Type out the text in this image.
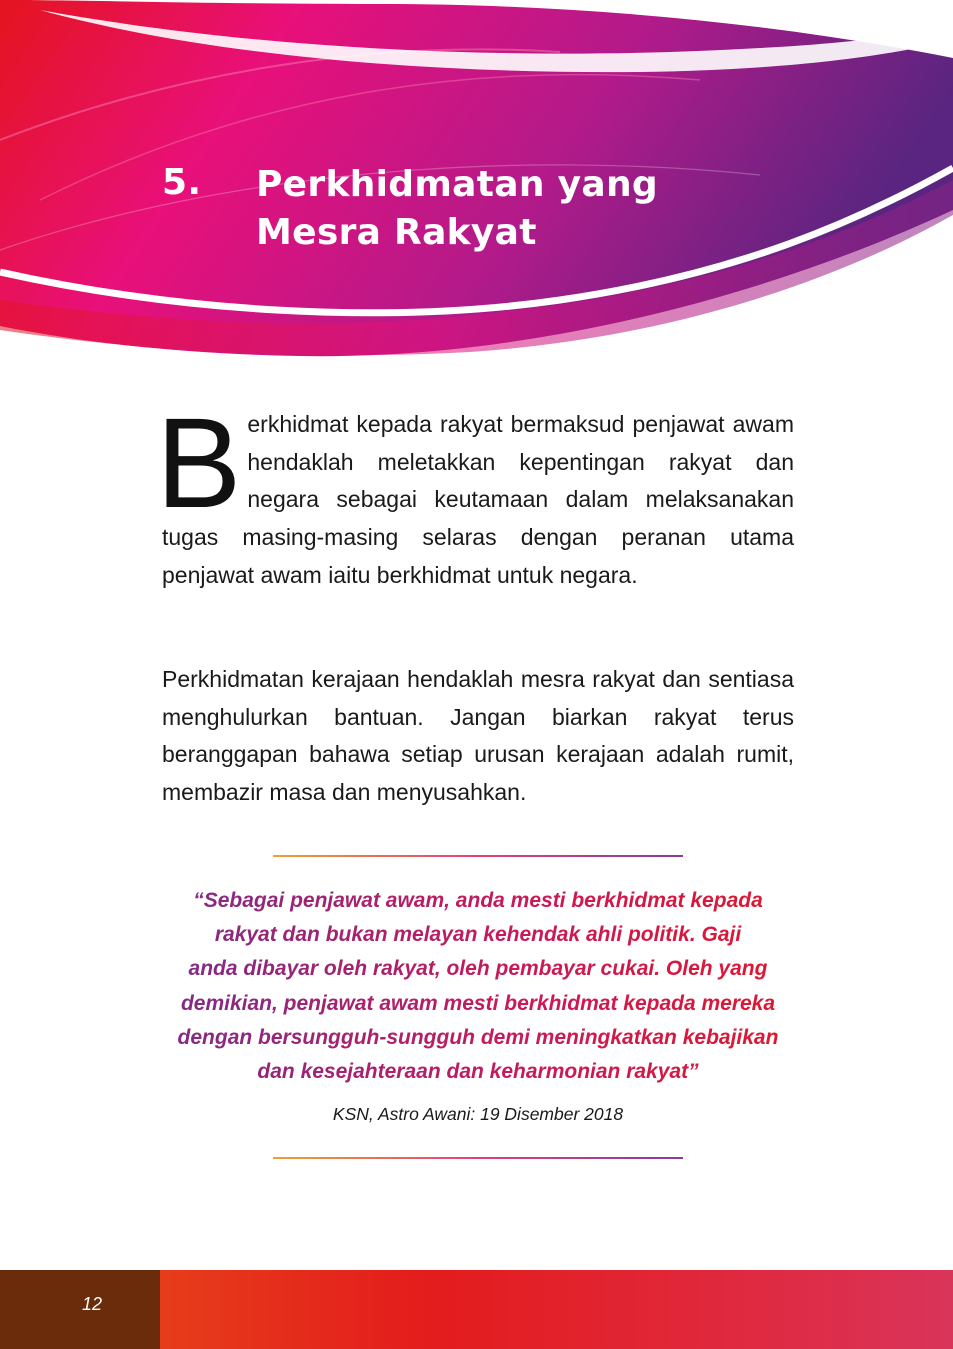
5. Perkhidmatan yang
Mesra Rakyat

Berkhidmat kepada rakyat bermaksud penjawat awam hendaklah meletakkan kepentingan rakyat dan negara sebagai keutamaan dalam melaksanakan tugas masing-masing selaras dengan peranan utama penjawat awam iaitu berkhidmat untuk negara.

Perkhidmatan kerajaan hendaklah mesra rakyat dan sentiasa menghulurkan bantuan. Jangan biarkan rakyat terus beranggapan bahawa setiap urusan kerajaan adalah rumit, membazir masa dan menyusahkan.

“Sebagai penjawat awam, anda mesti berkhidmat kepada
rakyat dan bukan melayan kehendak ahli politik. Gaji
anda dibayar oleh rakyat, oleh pembayar cukai. Oleh yang
demikian, penjawat awam mesti berkhidmat kepada mereka
dengan bersungguh-sungguh demi meningkatkan kebajikan
dan kesejahteraan dan keharmonian rakyat”
KSN, Astro Awani: 19 Disember 2018
12
